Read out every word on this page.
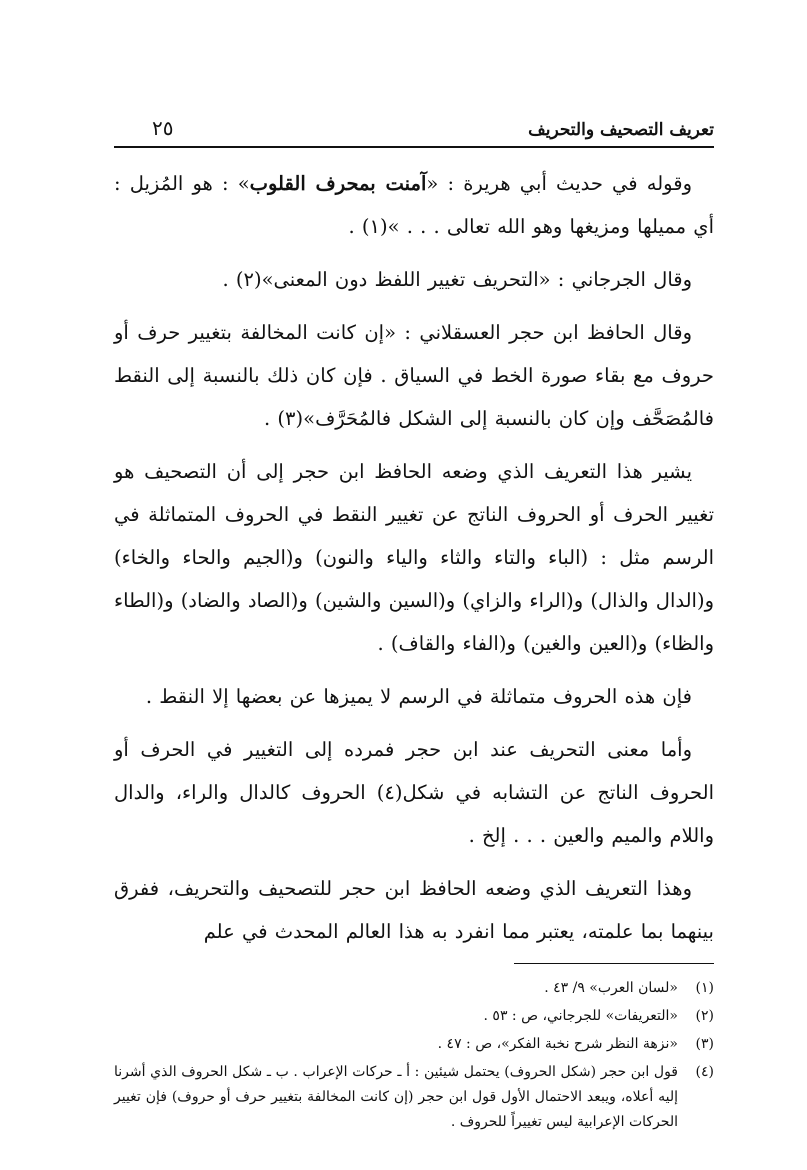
تعريف التصحيف والتحريف
٢٥

وقوله في حديث أبي هريرة : «آمنت بمحرف القلوب» : هو المُزيل : أي مميلها ومزيغها وهو الله تعالى . . . »(١) .

وقال الجرجاني : «التحريف تغيير اللفظ دون المعنى»(٢) .

وقال الحافظ ابن حجر العسقلاني : «إن كانت المخالفة بتغيير حرف أو حروف مع بقاء صورة الخط في السياق . فإن كان ذلك بالنسبة إلى النقط فالمُصَحَّف وإن كان بالنسبة إلى الشكل فالمُحَرَّف»(٣) .

يشير هذا التعريف الذي وضعه الحافظ ابن حجر إلى أن التصحيف هو تغيير الحرف أو الحروف الناتج عن تغيير النقط في الحروف المتماثلة في الرسم مثل : (الباء والتاء والثاء والياء والنون) و(الجيم والحاء والخاء) و(الدال والذال) و(الراء والزاي) و(السين والشين) و(الصاد والضاد) و(الطاء والظاء) و(العين والغين) و(الفاء والقاف) .

فإن هذه الحروف متماثلة في الرسم لا يميزها عن بعضها إلا النقط .

وأما معنى التحريف عند ابن حجر فمرده إلى التغيير في الحرف أو الحروف الناتج عن التشابه في شكل(٤) الحروف كالدال والراء، والدال واللام والميم والعين . . . إلخ .

وهذا التعريف الذي وضعه الحافظ ابن حجر للتصحيف والتحريف، ففرق بينهما بما علمته، يعتبر مما انفرد به هذا العالم المحدث في علم

(١)
«لسان العرب» ٩/ ٤٣ .
(٢)
«التعريفات» للجرجاني، ص : ٥٣ .
(٣)
«نزهة النظر شرح نخبة الفكر»، ص : ٤٧ .
(٤)
قول ابن حجر (شكل الحروف) يحتمل شيئين : أ ـ حركات الإعراب . ب ـ شكل الحروف الذي أشرنا إليه أعلاه، ويبعد الاحتمال الأول قول ابن حجر (إن كانت المخالفة بتغيير حرف أو حروف) فإن تغيير الحركات الإعرابية ليس تغييراً للحروف .
